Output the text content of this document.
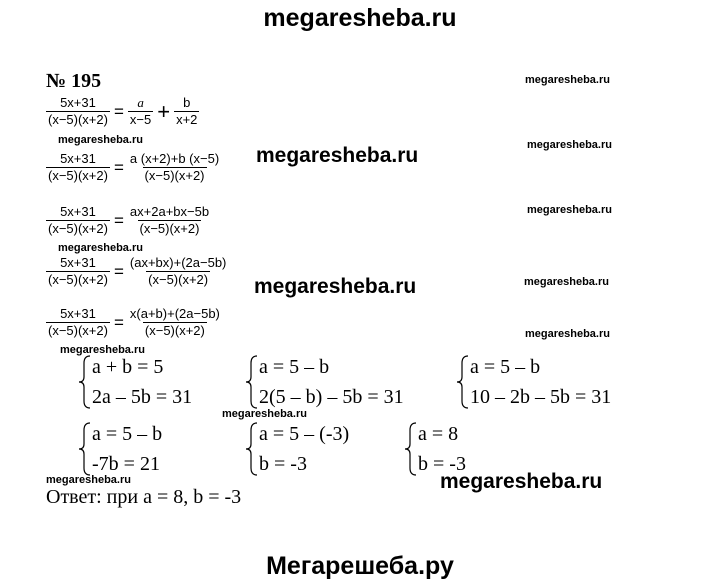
megaresheba.ru
№ 195
$\frac{5x+31}{(x-5)(x+2)} = \frac{a}{x-5} + \frac{b}{x+2}$
$\frac{5x+31}{(x-5)(x+2)} = \frac{a (x+2)+b (x-5)}{(x-5)(x+2)}$
$\frac{5x+31}{(x-5)(x+2)} = \frac{ax+2a+bx-5b}{(x-5)(x+2)}$
$\frac{5x+31}{(x-5)(x+2)} = \frac{(ax+bx)+(2a-5b)}{(x-5)(x+2)}$
$\frac{5x+31}{(x-5)(x+2)} = \frac{x(a+b)+(2a-5b)}{(x-5)(x+2)}$
a + b = 5
2a – 5b = 31
a = 5 – b
2(5 – b) – 5b = 31
a = 5 – b
10 – 2b – 5b = 31
a = 5 – b
-7b = 21
a = 5 – (-3)
b = -3
a = 8
b = -3
Ответ: при a = 8, b = -3
megaresheba.ru
megaresheba.ru	megaresheba.ru
megaresheba.ru
megaresheba.ru
megaresheba.ru
megaresheba.ru
megaresheba.ru
megaresheba.ru
megaresheba.ru
megaresheba.ru
megaresheba.ru	megaresheba.ru
Мегарешеба.ру
